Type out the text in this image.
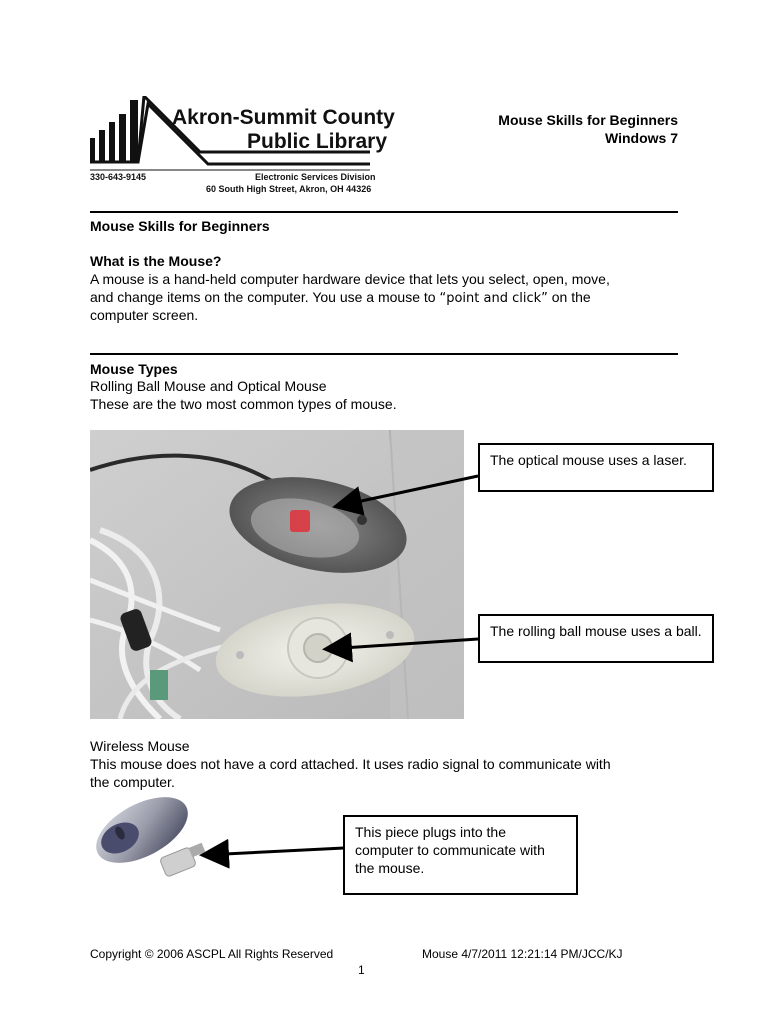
Akron-Summit County
Public Library
330-643-9145	Electronic Services Division
60 South High Street, Akron, OH 44326
Mouse Skills for Beginners
Windows 7
Mouse Skills for Beginners
What is the Mouse?
A mouse is a hand-held computer hardware device that lets you select, open, move,
and change items on the computer. You use a mouse to “point and click” on the
computer screen.
Mouse Types
Rolling Ball Mouse and Optical Mouse
These are the two most common types of mouse.
The optical mouse uses a laser.
The rolling ball mouse uses a ball.
Wireless Mouse
This mouse does not have a cord attached. It uses radio signal to communicate with
the computer.
This piece plugs into the computer to communicate with the mouse.
Copyright © 2006 ASCPL All Rights Reserved	Mouse 4/7/2011 12:21:14 PM/JCC/KJ
1
